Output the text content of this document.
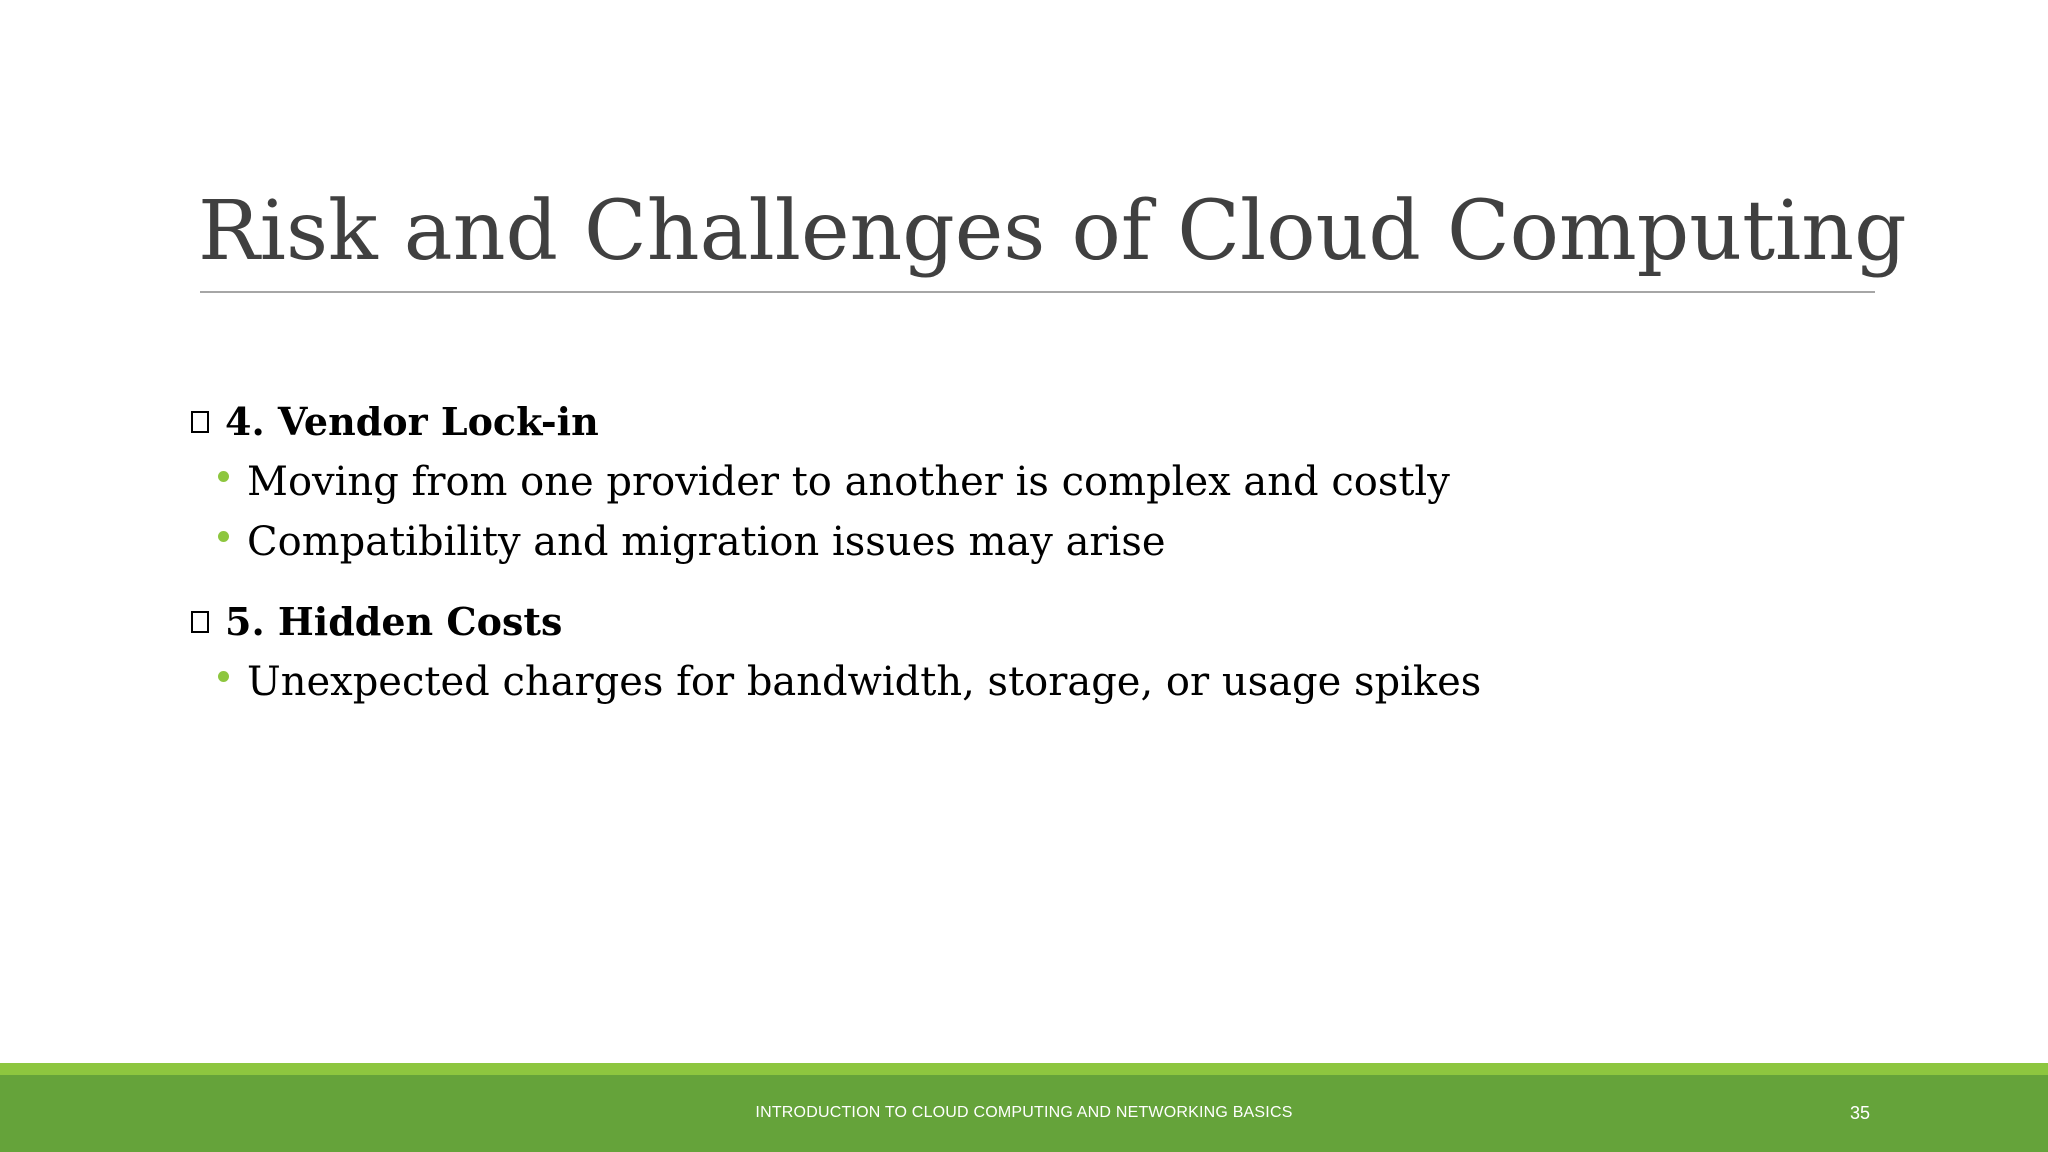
Risk and Challenges of Cloud Computing
4. Vendor Lock-in
Moving from one provider to another is complex and costly
Compatibility and migration issues may arise
5. Hidden Costs
Unexpected charges for bandwidth, storage, or usage spikes
INTRODUCTION TO CLOUD COMPUTING AND NETWORKING BASICS	35
